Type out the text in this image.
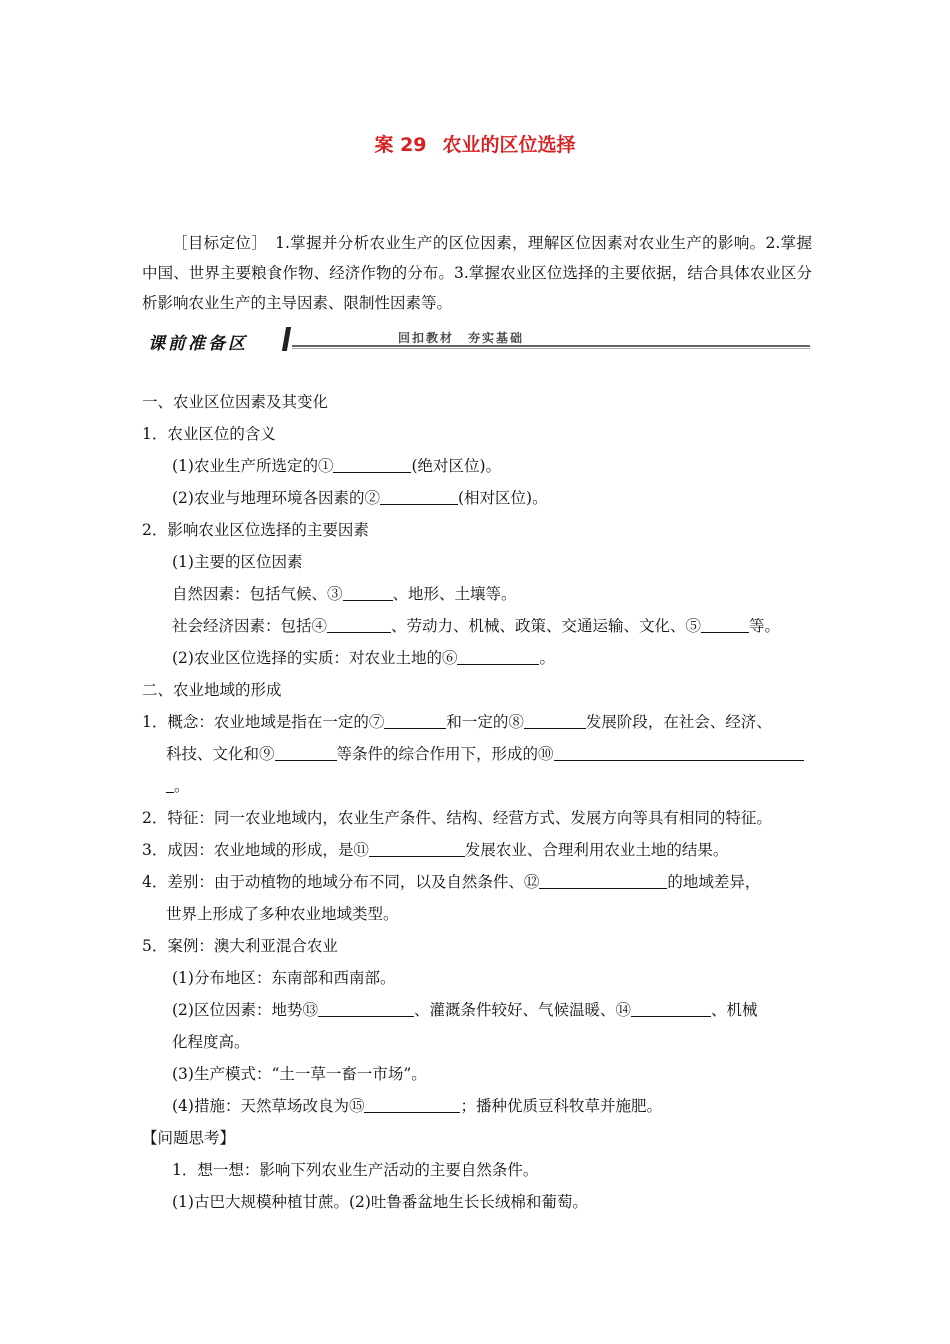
案 29 农业的区位选择
［目标定位］　1.掌握并分析农业生产的区位因素，理解区位因素对农业生产的影响。2.掌握中国、世界主要粮食作物、经济作物的分布。3.掌握农业区位选择的主要依据，结合具体农业区分析影响农业生产的主导因素、限制性因素等。
课前准备区	回扣教材　夯实基础
一、农业区位因素及其变化
1．农业区位的含义
(1)农业生产所选定的①	(绝对区位)。
(2)农业与地理环境各因素的②	(相对区位)。
2．影响农业区位选择的主要因素
(1)主要的区位因素
自然因素：包括气候、③	、地形、土壤等。
社会经济因素：包括④	、劳动力、机械、政策、交通运输、文化、⑤	等。
(2)农业区位选择的实质：对农业土地的⑥	。
二、农业地域的形成
1．概念：农业地域是指在一定的⑦	和一定的⑧	发展阶段，在社会、经济、
科技、文化和⑨	等条件的综合作用下，形成的⑩
。
2．特征：同一农业地域内，农业生产条件、结构、经营方式、发展方向等具有相同的特征。
3．成因：农业地域的形成，是⑪	发展农业、合理利用农业土地的结果。
4．差别：由于动植物的地域分布不同，以及自然条件、⑫	的地域差异，
世界上形成了多种农业地域类型。
5．案例：澳大利亚混合农业
(1)分布地区：东南部和西南部。
(2)区位因素：地势⑬	、灌溉条件较好、气候温暖、⑭	、机械
化程度高。
(3)生产模式：“土一草一畜一市场”。
(4)措施：天然草场改良为⑮	；播种优质豆科牧草并施肥。
【问题思考】
1．想一想：影响下列农业生产活动的主要自然条件。
(1)古巴大规模种植甘蔗。(2)吐鲁番盆地生长长绒棉和葡萄。
